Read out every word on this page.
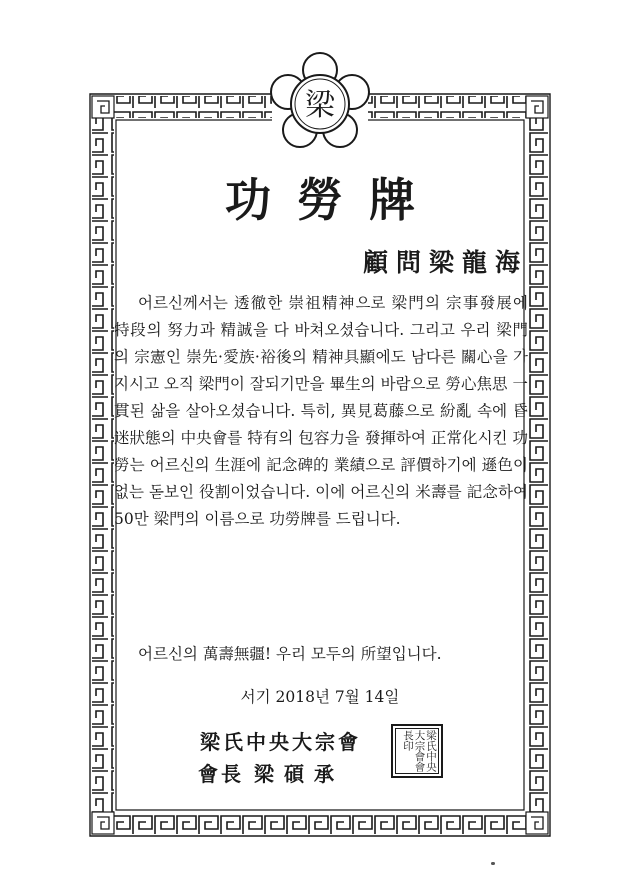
梁
功勞牌
顧問梁龍海

어르신께서는 透徹한 崇祖精神으로 梁門의 宗事發展에 特段의 努力과 精誠을 다 바쳐오셨습니다. 그리고 우리 梁門의 宗憲인 崇先·愛族·裕後의 精神具顯에도 남다른 關心을 가지시고 오직 梁門이 잘되기만을 畢生의 바람으로 勞心焦思 一貫된 삶을 살아오셨습니다. 특히, 異見葛藤으로 紛亂 속에 昏迷狀態의 中央會를 特有의 包容力을 發揮하여 正常化시킨 功勞는 어르신의 生涯에 記念碑的 業績으로 評價하기에 遜色이 없는 돋보인 役割이었습니다. 이에 어르신의 米壽를 記念하여 50만 梁門의 이름으로 功勞牌를 드립니다.

어르신의 萬壽無疆! 우리 모두의 所望입니다.

서기 2018년 7월 14일
梁氏中央大宗會
會長 梁碩承
梁氏中央大宗會會長印
